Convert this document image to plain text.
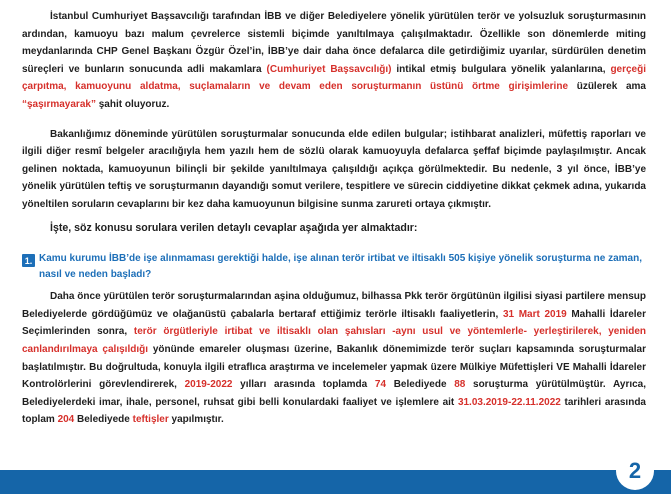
İstanbul Cumhuriyet Başsavcılığı tarafından İBB ve diğer Belediyelere yönelik yürütülen terör ve yolsuzluk soruşturmasının ardından, kamuoyu bazı malum çevrelerce sistemli biçimde yanıltılmaya çalışılmaktadır. Özellikle son dönemlerde miting meydanlarında CHP Genel Başkanı Özgür Özel’in, İBB’ye dair daha önce defalarca dile getirdiğimiz uyarılar, sürdürülen denetim süreçleri ve bunların sonucunda adli makamlara (Cumhuriyet Başsavcılığı) intikal etmiş bulgulara yönelik yalanlarına, gerçeği çarpıtma, kamuoyunu aldatma, suçlamaların ve devam eden soruşturmanın üstünü örtme girişimlerine üzülerek ama “şaşırmayarak” şahit oluyoruz.

Bakanlığımız döneminde yürütülen soruşturmalar sonucunda elde edilen bulgular; istihbarat analizleri, müfettiş raporları ve ilgili diğer resmî belgeler aracılığıyla hem yazılı hem de sözlü olarak kamuoyuyla defalarca şeffaf biçimde paylaşılmıştır. Ancak gelinen noktada, kamuoyunun bilinçli bir şekilde yanıltılmaya çalışıldığı açıkça görülmektedir. Bu nedenle, 3 yıl önce, İBB’ye yönelik yürütülen teftiş ve soruşturmanın dayandığı somut verilere, tespitlere ve sürecin ciddiyetine dikkat çekmek adına, yukarıda yöneltilen soruların cevaplarını bir kez daha kamuoyunun bilgisine sunma zarureti ortaya çıkmıştır.

İşte, söz konusu sorulara verilen detaylı cevaplar aşağıda yer almaktadır:

1. Kamu kurumu İBB’de işe alınmaması gerektiği halde, işe alınan terör irtibat ve iltisaklı 505 kişiye yönelik soruşturma ne zaman, nasıl ve neden başladı?

Daha önce yürütülen terör soruşturmalarından aşina olduğumuz, bilhassa Pkk terör örgütünün ilgilisi siyasi partilere mensup Belediyelerde gördüğümüz ve olağanüstü çabalarla bertaraf ettiğimiz terörle iltisaklı faaliyetlerin, 31 Mart 2019 Mahalli İdareler Seçimlerinden sonra, terör örgütleriyle irtibat ve iltisaklı olan şahısları -aynı usul ve yöntemlerle- yerleştirilerek, yeniden canlandırılmaya çalışıldığı yönünde emareler oluşması üzerine, Bakanlık dönemimizde terör suçları kapsamında soruşturmalar başlatılmıştır. Bu doğrultuda, konuyla ilgili etraflıca araştırma ve incelemeler yapmak üzere Mülkiye Müfettişleri VE Mahalli İdareler Kontrolörlerini görevlendirerek, 2019-2022 yılları arasında toplamda 74 Belediyede 88 soruşturma yürütülmüştür. Ayrıca, Belediyelerdeki imar, ihale, personel, ruhsat gibi belli konulardaki faaliyet ve işlemlere ait 31.03.2019-22.11.2022 tarihleri arasında toplam 204 Belediyede teftişler yapılmıştır.

2
